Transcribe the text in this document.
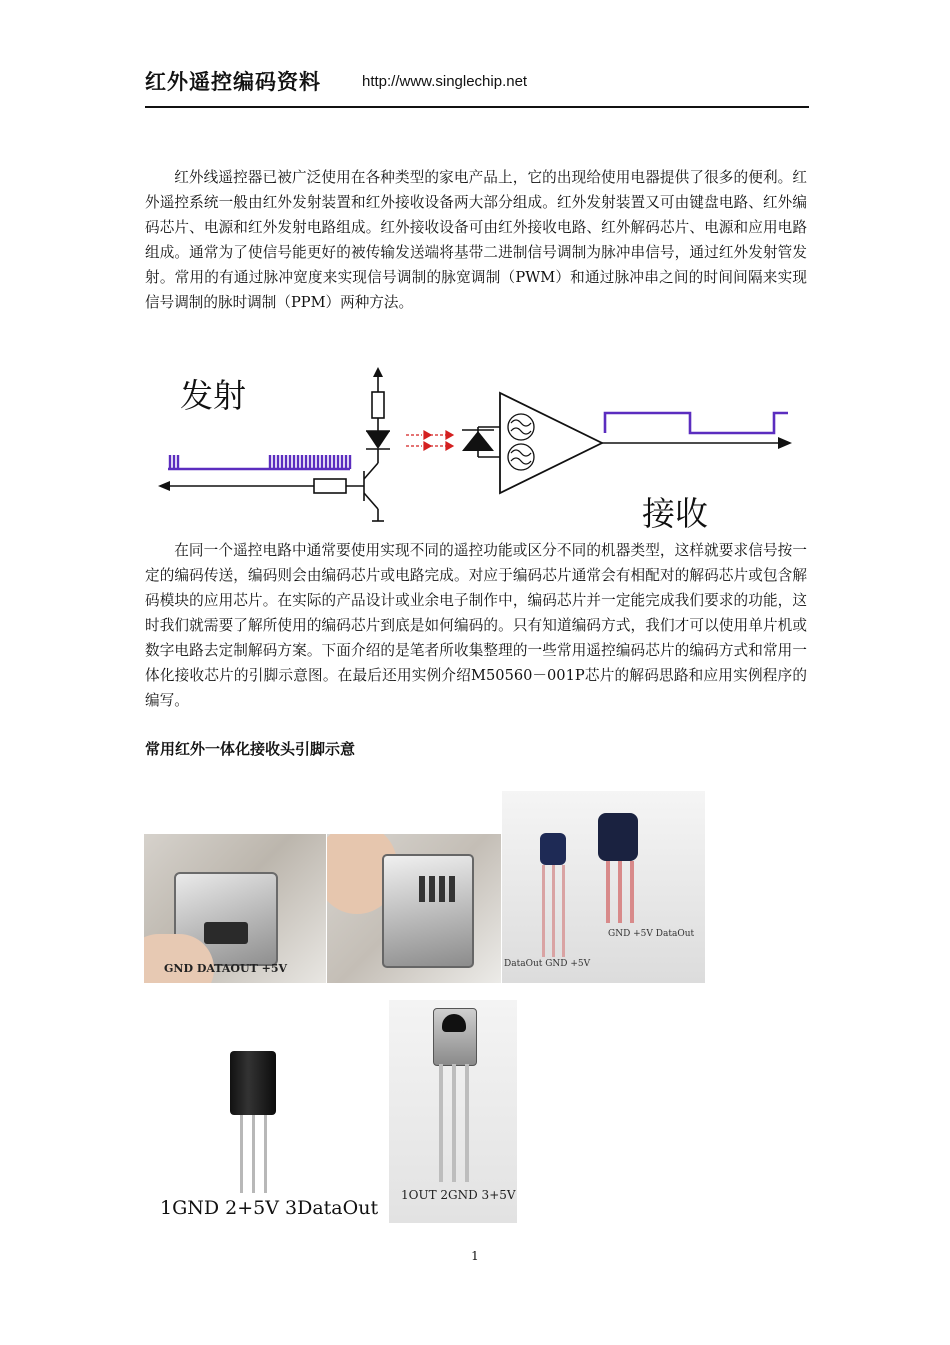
红外遥控编码资料	http://www.singlechip.net

红外线遥控器已被广泛使用在各种类型的家电产品上，它的出现给使用电器提供了很多的便利。红外遥控系统一般由红外发射装置和红外接收设备两大部分组成。红外发射装置又可由键盘电路、红外编码芯片、电源和红外发射电路组成。红外接收设备可由红外接收电路、红外解码芯片、电源和应用电路组成。通常为了使信号能更好的被传输发送端将基带二进制信号调制为脉冲串信号，通过红外发射管发射。常用的有通过脉冲宽度来实现信号调制的脉宽调制（PWM）和通过脉冲串之间的时间间隔来实现信号调制的脉时调制（PPM）两种方法。

发射
接收

在同一个遥控电路中通常要使用实现不同的遥控功能或区分不同的机器类型，这样就要求信号按一定的编码传送，编码则会由编码芯片或电路完成。对应于编码芯片通常会有相配对的解码芯片或包含解码模块的应用芯片。在实际的产品设计或业余电子制作中，编码芯片并一定能完成我们要求的功能，这时我们就需要了解所使用的编码芯片到底是如何编码的。只有知道编码方式，我们才可以使用单片机或数字电路去定制解码方案。下面介绍的是笔者所收集整理的一些常用遥控编码芯片的编码方式和常用一体化接收芯片的引脚示意图。在最后还用实例介绍M50560－001P芯片的解码思路和应用实例程序的编写。

常用红外一体化接收头引脚示意
GND DATAOUT +5V
GND +5V DataOut
DataOut GND +5V
1GND 2+5V 3DataOut
1OUT 2GND 3+5V
1
